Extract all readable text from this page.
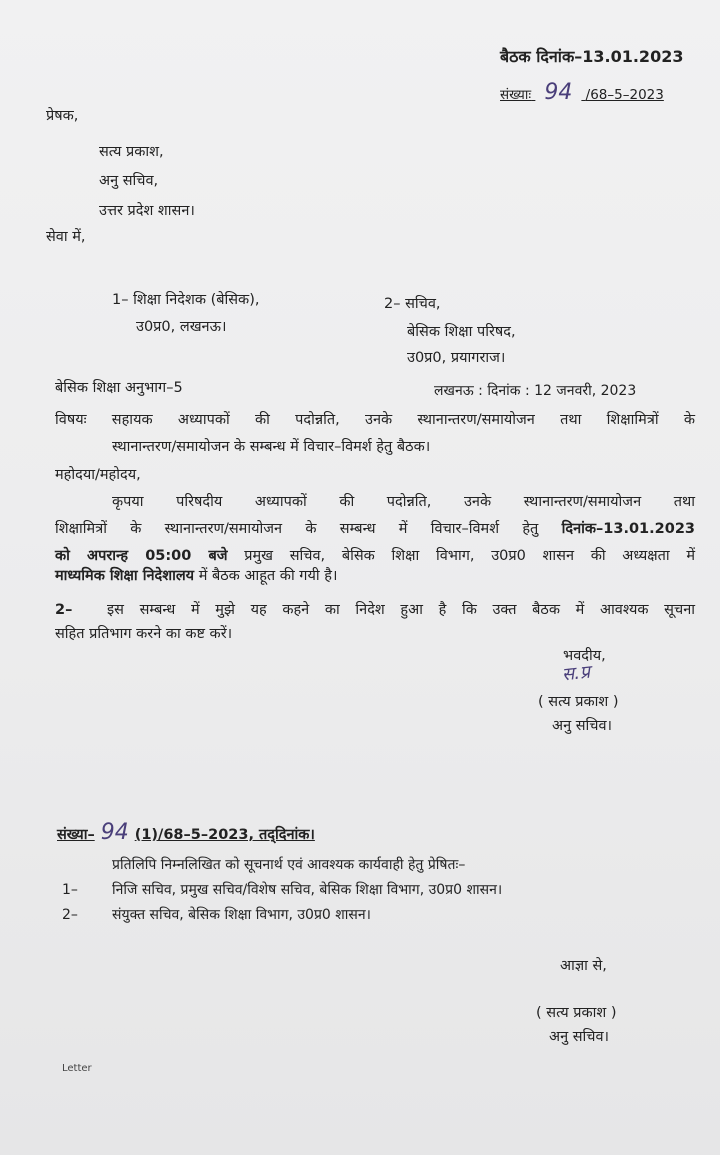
बैठक दिनांक–13.01.2023
संख्याः 94 /68–5–2023
प्रेषक,
सत्य प्रकाश,
अनु सचिव,
उत्तर प्रदेश शासन।
सेवा में,
1– शिक्षा निदेशक (बेसिक),
उ0प्र0, लखनऊ।
2– सचिव,
बेसिक शिक्षा परिषद,
उ0प्र0, प्रयागराज।
बेसिक शिक्षा अनुभाग–5	लखनऊ : दिनांक : 12 जनवरी, 2023
विषयः सहायक अध्यापकों की पदोन्नति, उनके स्थानान्तरण/समायोजन तथा शिक्षामित्रों के
स्थानान्तरण/समायोजन के सम्बन्ध में विचार–विमर्श हेतु बैठक।
महोदया/महोदय,
कृपया परिषदीय अध्यापकों की पदोन्नति, उनके स्थानान्तरण/समायोजन तथा
शिक्षामित्रों के स्थानान्तरण/समायोजन के सम्बन्ध में विचार–विमर्श हेतु दिनांक–13.01.2023
को अपरान्ह 05:00 बजे प्रमुख सचिव, बेसिक शिक्षा विभाग, उ0प्र0 शासन की अध्यक्षता में
माध्यमिक शिक्षा निदेशालय में बैठक आहूत की गयी है।
2– इस सम्बन्ध में मुझे यह कहने का निदेश हुआ है कि उक्त बैठक में आवश्यक सूचना
सहित प्रतिभाग करने का कष्ट करें।
भवदीय,
स.प्र
( सत्य प्रकाश )
अनु सचिव।
संख्या– 94 (1)/68–5–2023, तद्‌दिनांक।
प्रतिलिपि निम्नलिखित को सूचनार्थ एवं आवश्यक कार्यवाही हेतु प्रेषितः–
1– निजि सचिव, प्रमुख सचिव/विशेष सचिव, बेसिक शिक्षा विभाग, उ0प्र0 शासन।
2– संयुक्त सचिव, बेसिक शिक्षा विभाग, उ0प्र0 शासन।
आज्ञा से,
( सत्य प्रकाश )
अनु सचिव।
Letter
